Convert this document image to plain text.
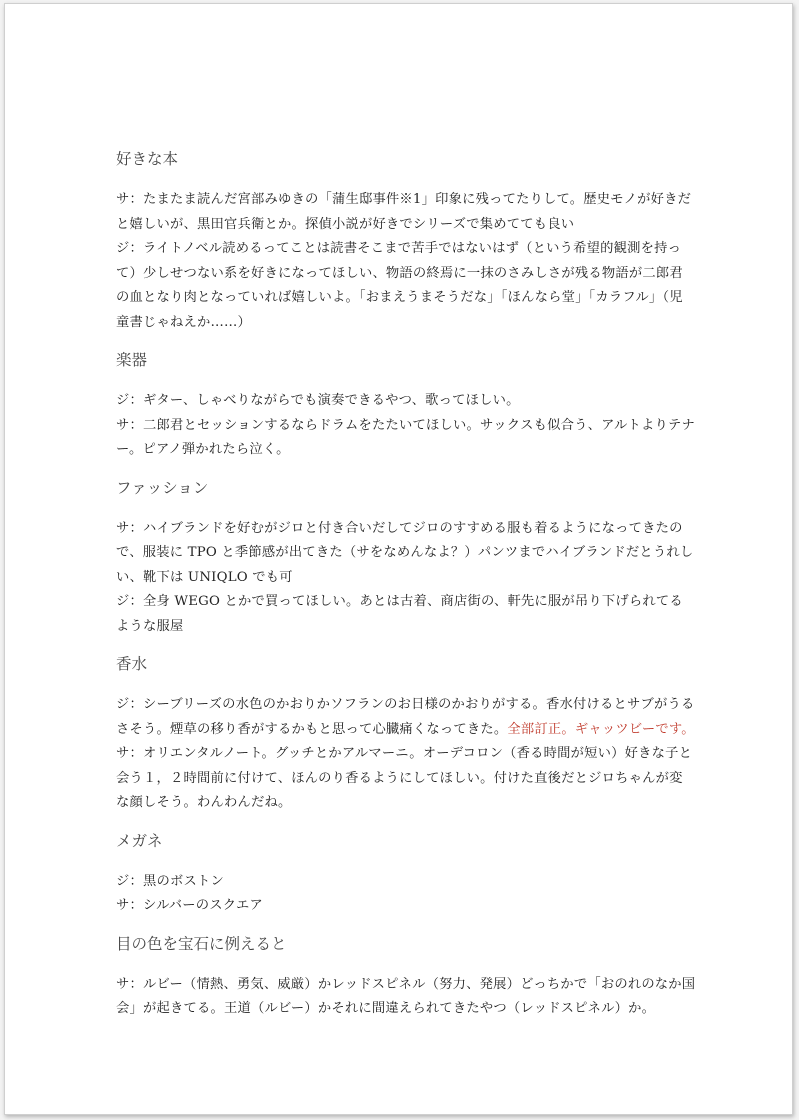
好きな本

サ：たまたま読んだ宮部みゆきの「蒲生邸事件※1」印象に残ってたりして。歴史モノが好きだと嬉しいが、黒田官兵衛とか。探偵小説が好きでシリーズで集めてても良い

ジ：ライトノベル読めるってことは読書そこまで苦手ではないはず（という希望的観測を持って）少しせつない系を好きになってほしい、物語の終焉に一抹のさみしさが残る物語が二郎君の血となり肉となっていれば嬉しいよ。「おまえうまそうだな」「ほんなら堂」「カラフル」（児童書じゃねえか……）

楽器

ジ：ギター、しゃべりながらでも演奏できるやつ、歌ってほしい。

サ：二郎君とセッションするならドラムをたたいてほしい。サックスも似合う、アルトよりテナー。ピアノ弾かれたら泣く。

ファッション

サ：ハイブランドを好むがジロと付き合いだしてジロのすすめる服も着るようになってきたので、服装に TPO と季節感が出てきた（サをなめんなよ？）パンツまでハイブランドだとうれしい、靴下は UNIQLO でも可

ジ：全身 WEGO とかで買ってほしい。あとは古着、商店街の、軒先に服が吊り下げられてるような服屋

香水

ジ：シーブリーズの水色のかおりかソフランのお日様のかおりがする。香水付けるとサブがうるさそう。煙草の移り香がするかもと思って心臓痛くなってきた。全部訂正。ギャッツビーです。

サ：オリエンタルノート。グッチとかアルマーニ。オーデコロン（香る時間が短い）好きな子と会う１，２時間前に付けて、ほんのり香るようにしてほしい。付けた直後だとジロちゃんが変な顔しそう。わんわんだね。

メガネ

ジ：黒のボストン

サ：シルバーのスクエア

目の色を宝石に例えると

サ：ルビー（情熱、勇気、威厳）かレッドスピネル（努力、発展）どっちかで「おのれのなか国会」が起きてる。王道（ルビー）かそれに間違えられてきたやつ（レッドスピネル）か。
